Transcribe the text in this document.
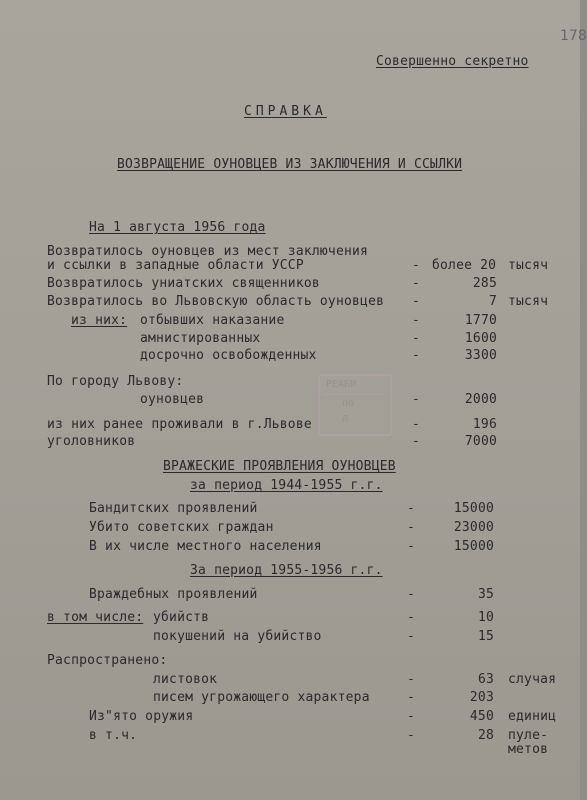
178
Совершенно секретно
СПРАВКА
ВОЗВРАЩЕНИЕ ОУНОВЦЕВ ИЗ ЗАКЛЮЧЕНИЯ И ССЫЛКИ
На 1 августа 1956 года
Возвратилось оуновцев из мест заключения
и ссылки в западные области УССР	- более 20 тысяч
Возвратилось униатских священников	-	285
Возвратилось во Львовскую область оуновцев -	7 тысяч
из них: отбывших наказание	-	1770
амнистированных	-	1600
досрочно освобожденных	-	3300
По городу Львову:
оуновцев	-	2000
РЕАБИ
по
Л
из них ранее проживали в г.Львове	-	196
уголовников	-	7000
ВРАЖЕСКИЕ ПРОЯВЛЕНИЯ ОУНОВЦЕВ
за период 1944-1955 г.г.
Бандитских проявлений	-	15000
Убито советских граждан	-	23000
В их числе местного населения	-	15000
За период 1955-1956 г.г.
Враждебных проявлений	-	35
в том числе: убийств	-	10
покушений на убийство	-	15
Распространено:
листовок	-	63 случая
писем угрожающего характера	-	203
Из"ято оружия	-	450 единиц
в т.ч.	-	28 пуле-
метов
